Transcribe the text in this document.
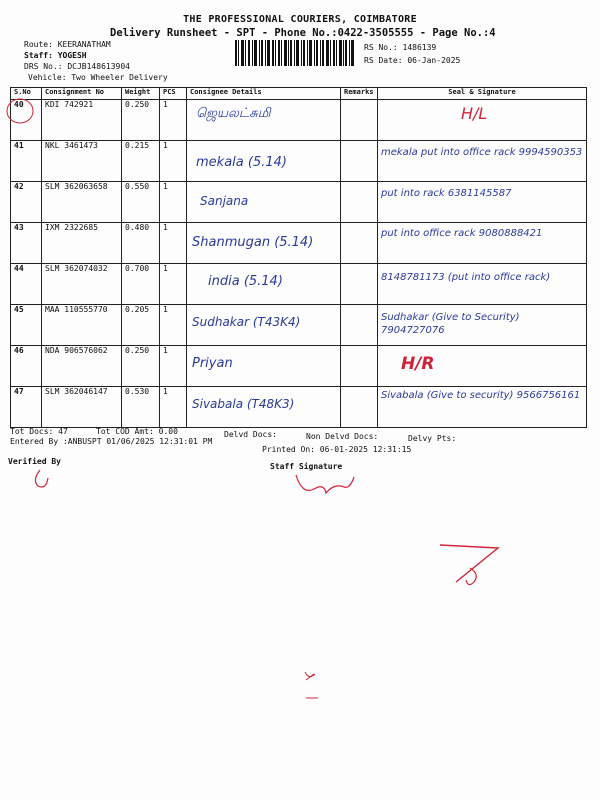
THE PROFESSIONAL COURIERS, COIMBATORE
Delivery Runsheet - SPT - Phone No.:0422-3505555 - Page No.:4
Route: KEERANATHAM
Staff: YOGESH
DRS No.: DCJB148613904
Vehicle: Two Wheeler Delivery
RS No.: 1486139
RS Date: 06-Jan-2025
S.No	Consignment No	Weight	PCS	Consignee Details	Remarks	Seal & Signature
40	KDI 742921	0.250	1	ஜெயலட்சுமி		H/L

41	NKL 3461473	0.215	1	mekala (5.14)		mekala put into office rack 9994590353

42	SLM 362063658	0.550	1	Sanjana		put into rack 6381145587

43	IXM 2322685	0.480	1	Shanmugan (5.14)		put into office rack 9080888421

44	SLM 362074032	0.700	1	india (5.14)		8148781173 (put into office rack)

45	MAA 110555770	0.205	1	Sudhakar (T43K4)		Sudhakar (Give to Security) 7904727076

46	NDA 906576062	0.250	1	Priyan		H/R

47	SLM 362046147	0.530	1	Sivabala (T48K3)		Sivabala (Give to security) 9566756161
Tot Docs: 47	Tot COD Amt: 0.00	Delvd Docs:	Non Delvd Docs:	Delvy Pts:
Entered By :ANBUSPT 01/06/2025 12:31:01 PM
Printed On: 06-01-2025 12:31:15
Verified By
Staff Signature
